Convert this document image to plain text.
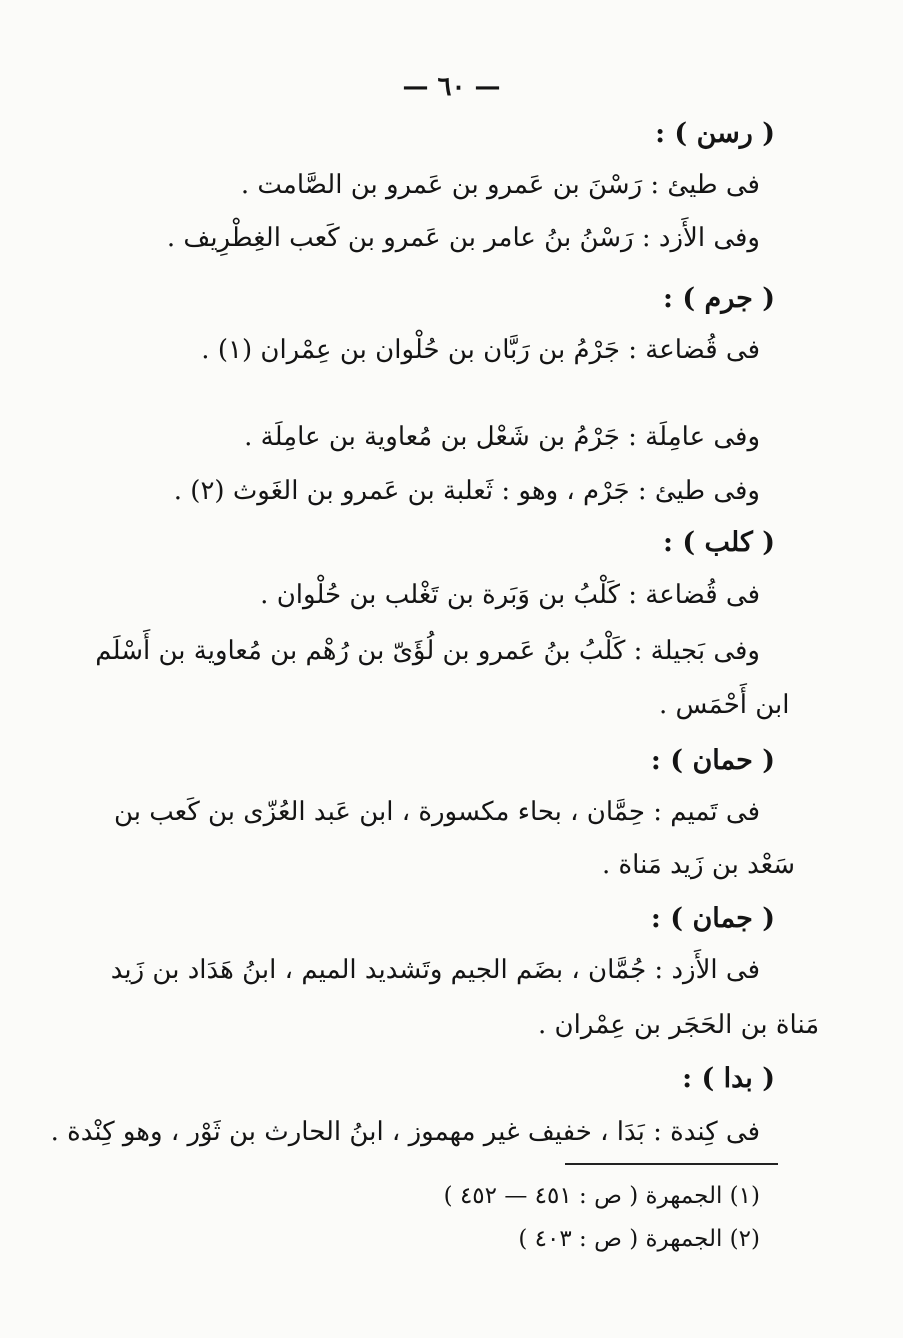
— ٦٠ —
( رسن ) :
فى طيئ : رَسْنَ بن عَمرو بن عَمرو بن الصَّامت .
وفى الأَزد : رَسْنُ بنُ عامر بن عَمرو بن كَعب الغِطْرِيف .
( جرم ) :
فى قُضاعة : جَرْمُ بن رَبَّان بن حُلْوان بن عِمْران (١) .
وفى عامِلَة : جَرْمُ بن شَعْل بن مُعاوية بن عامِلَة .
وفى طيئ : جَرْم ، وهو : ثَعلبة بن عَمرو بن الغَوث (٢) .
( كلب ) :
فى قُضاعة : كَلْبُ بن وَبَرة بن تَغْلب بن حُلْوان .
وفى بَجيلة : كَلْبُ بنُ عَمرو بن لُؤَىّ بن رُهْم بن مُعاوية بن أَسْلَم
ابن أَحْمَس .
( حمان ) :
فى تَميم : حِمَّان ، بحاء مكسورة ، ابن عَبد العُزّى بن كَعب بن
سَعْد بن زَيد مَناة .
( جمان ) :
فى الأَزد : جُمَّان ، بضَم الجيم وتَشديد الميم ، ابنُ هَدَاد بن زَيد
مَناة بن الحَجَر بن عِمْران .
( بدا ) :
فى كِندة : بَدَا ، خفيف غير مهموز ، ابنُ الحارث بن ثَوْر ، وهو كِنْدة .
(١) الجمهرة ( ص : ٤٥١ — ٤٥٢ )
(٢) الجمهرة ( ص : ٤٠٣ )
